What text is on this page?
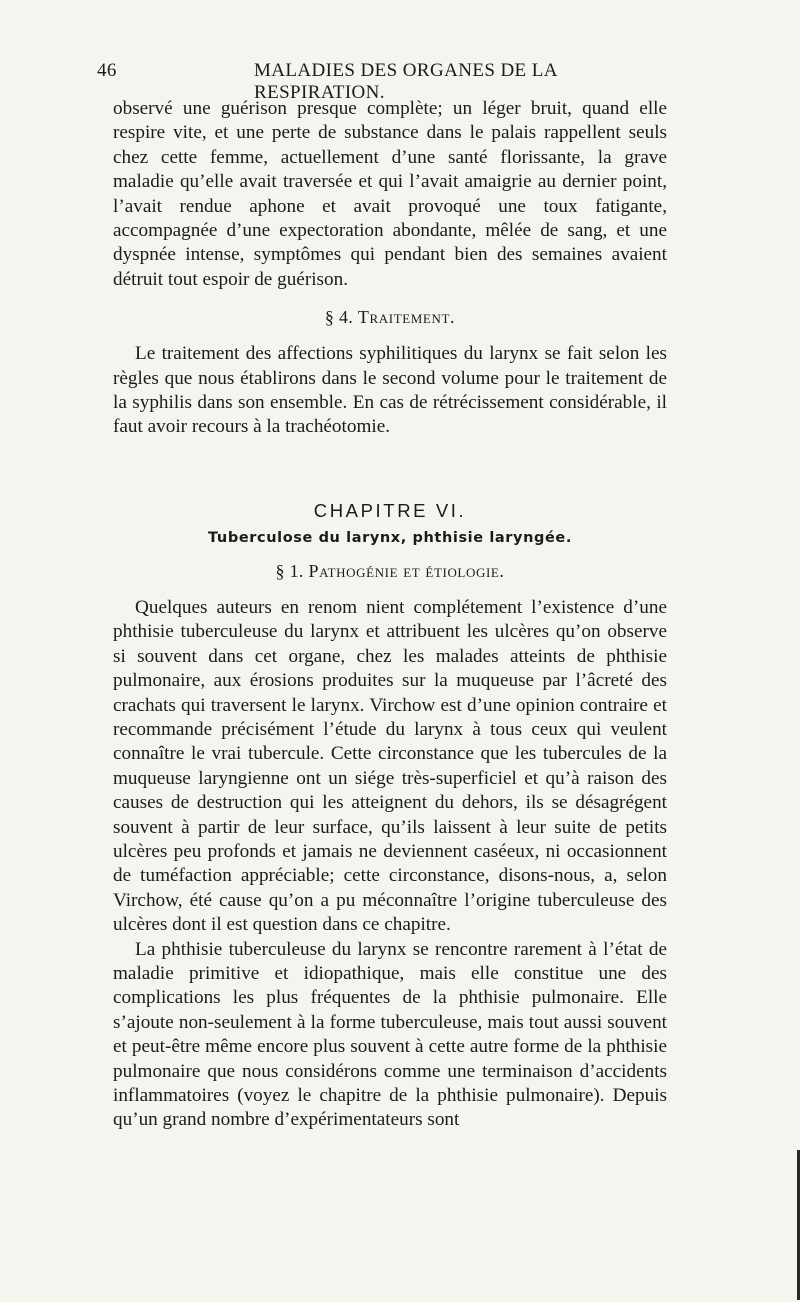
46	MALADIES DES ORGANES DE LA RESPIRATION.

observé une guérison presque complète; un léger bruit, quand elle respire vite, et une perte de substance dans le palais rappellent seuls chez cette femme, actuellement d’une santé florissante, la grave maladie qu’elle avait traversée et qui l’avait amaigrie au dernier point, l’avait rendue aphone et avait provoqué une toux fatigante, accompagnée d’une expectoration abondante, mêlée de sang, et une dyspnée intense, symptômes qui pendant bien des semaines avaient détruit tout espoir de guérison.

§ 4. Traitement.

Le traitement des affections syphilitiques du larynx se fait selon les règles que nous établirons dans le second volume pour le traitement de la syphilis dans son ensemble. En cas de rétrécissement considérable, il faut avoir recours à la trachéotomie.

CHAPITRE VI.
Tuberculose du larynx, phthisie laryngée.
§ 1. Pathogénie et étiologie.

Quelques auteurs en renom nient complétement l’existence d’une phthisie tuberculeuse du larynx et attribuent les ulcères qu’on observe si souvent dans cet organe, chez les malades atteints de phthisie pulmonaire, aux érosions produites sur la muqueuse par l’âcreté des crachats qui traversent le larynx. Virchow est d’une opinion contraire et recommande précisément l’étude du larynx à tous ceux qui veulent connaître le vrai tubercule. Cette circonstance que les tubercules de la muqueuse laryngienne ont un siége très-superficiel et qu’à raison des causes de destruction qui les atteignent du dehors, ils se désagrégent souvent à partir de leur surface, qu’ils laissent à leur suite de petits ulcères peu profonds et jamais ne deviennent caséeux, ni occasionnent de tuméfaction appréciable; cette circonstance, disons-nous, a, selon Virchow, été cause qu’on a pu méconnaître l’origine tuberculeuse des ulcères dont il est question dans ce chapitre.

La phthisie tuberculeuse du larynx se rencontre rarement à l’état de maladie primitive et idiopathique, mais elle constitue une des complications les plus fréquentes de la phthisie pulmonaire. Elle s’ajoute non-seulement à la forme tuberculeuse, mais tout aussi souvent et peut-être même encore plus souvent à cette autre forme de la phthisie pulmonaire que nous considérons comme une terminaison d’accidents inflammatoires (voyez le chapitre de la phthisie pulmonaire). Depuis qu’un grand nombre d’expérimentateurs sont
